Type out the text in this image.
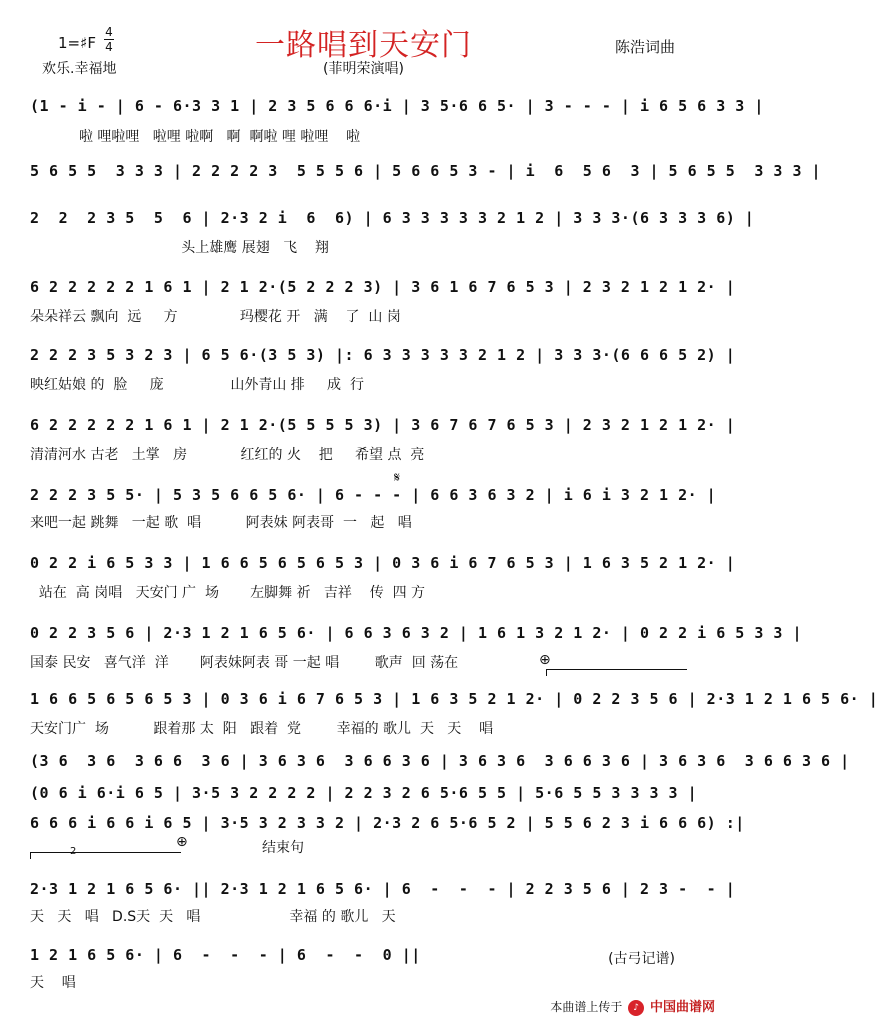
一路唱到天安门
1=♯F
4
4
欢乐.幸福地	(菲明荣演唱)
陈浩词曲
(1 - i - | 6 - 6·3 3 1 | 2 3 5 6 6 6·i | 3 5·6 6 5· | 3 - - - | i 6 5 6 3 3 |
啦 哩啦哩   啦哩 啦啊   啊  啊啦 哩 啦哩    啦
5 6 5 5  3 3 3 | 2 2 2 2 3  5 5 5 6 | 5 6 6 5 3 - | i  6  5 6  3 | 5 6 5 5  3 3 3 |
2  2  2 3 5  5  6 | 2·3 2 i  6  6) | 6 3 3 3 3 3 2 1 2 | 3 3 3·(6 3 3 3 6) |
头上雄鹰 展翅   飞    翔
6 2 2 2 2 2 1 6 1 | 2 1 2·(5 2 2 2 3) | 3 6 1 6 7 6 5 3 | 2 3 2 1 2 1 2· |
朵朵祥云 飘向  远     方              玛樱花 开   满    了  山 岗
2 2 2 3 5 3 2 3 | 6 5 6·(3 5 3) |: 6 3 3 3 3 3 2 1 2 | 3 3 3·(6 6 6 5 2) |
映红姑娘 的  脸     庞               山外青山 排     成  行
6 2 2 2 2 2 1 6 1 | 2 1 2·(5 5 5 5 3) | 3 6 7 6 7 6 5 3 | 2 3 2 1 2 1 2· |
清清河水 古老   土掌   房            红红的 火    把     希望 点  亮
𝄋
2 2 2 3 5 5· | 5 3 5 6 6 5 6· | 6 - - - | 6 6 3 6 3 2 | i 6 i 3 2 1 2· |
来吧一起 跳舞   一起 歌  唱          阿表妹 阿表哥  一   起   唱
0 2 2 i 6 5 3 3 | 1 6 6 5 6 5 6 5 3 | 0 3 6 i 6 7 6 5 3 | 1 6 3 5 2 1 2· |
站在  高 岗唱   天安门 广  场       左脚舞 祈   吉祥    传  四 方
0 2 2 3 5 6 | 2·3 1 2 1 6 5 6· | 6 6 3 6 3 2 | 1 6 1 3 2 1 2· | 0 2 2 i 6 5 3 3 |
⊕
国泰 民安   喜气洋  洋       阿表妹阿表 哥 一起 唱        歌声  回 荡在
1 6 6 5 6 5 6 5 3 | 0 3 6 i 6 7 6 5 3 | 1 6 3 5 2 1 2· | 0 2 2 3 5 6 | 2·3 1 2 1 6 5 6· |
天安门广  场          跟着那 太  阳   跟着  党        幸福的 歌儿  天   天    唱
(3 6  3 6  3 6 6  3 6 | 3 6 3 6  3 6 6 3 6 | 3 6 3 6  3 6 6 3 6 | 3 6 3 6  3 6 6 3 6 |
(0 6 i 6·i 6 5 | 3·5 3 2 2 2 2 | 2 2 3 2 6 5·6 5 5 | 5·6 5 5 3 3 3 3 |
6 6 6 i 6 6 i 6 5 | 3·5 3 2 3 3 2 | 2·3 2 6 5·6 5 2 | 5 5 6 2 3 i 6 6 6) :|
⊕	结束句
2
2·3 1 2 1 6 5 6· || 2·3 1 2 1 6 5 6· | 6  -  -  - | 2 2 3 5 6 | 2 3 -  - |
天   天   唱   D.S天  天   唱                    幸福 的 歌儿   天
1 2 1 6 5 6· | 6  -  -  - | 6  -  -  0 ||
天    唱
(古弓记谱)
本曲谱上传于 ♪ 中国曲谱网
